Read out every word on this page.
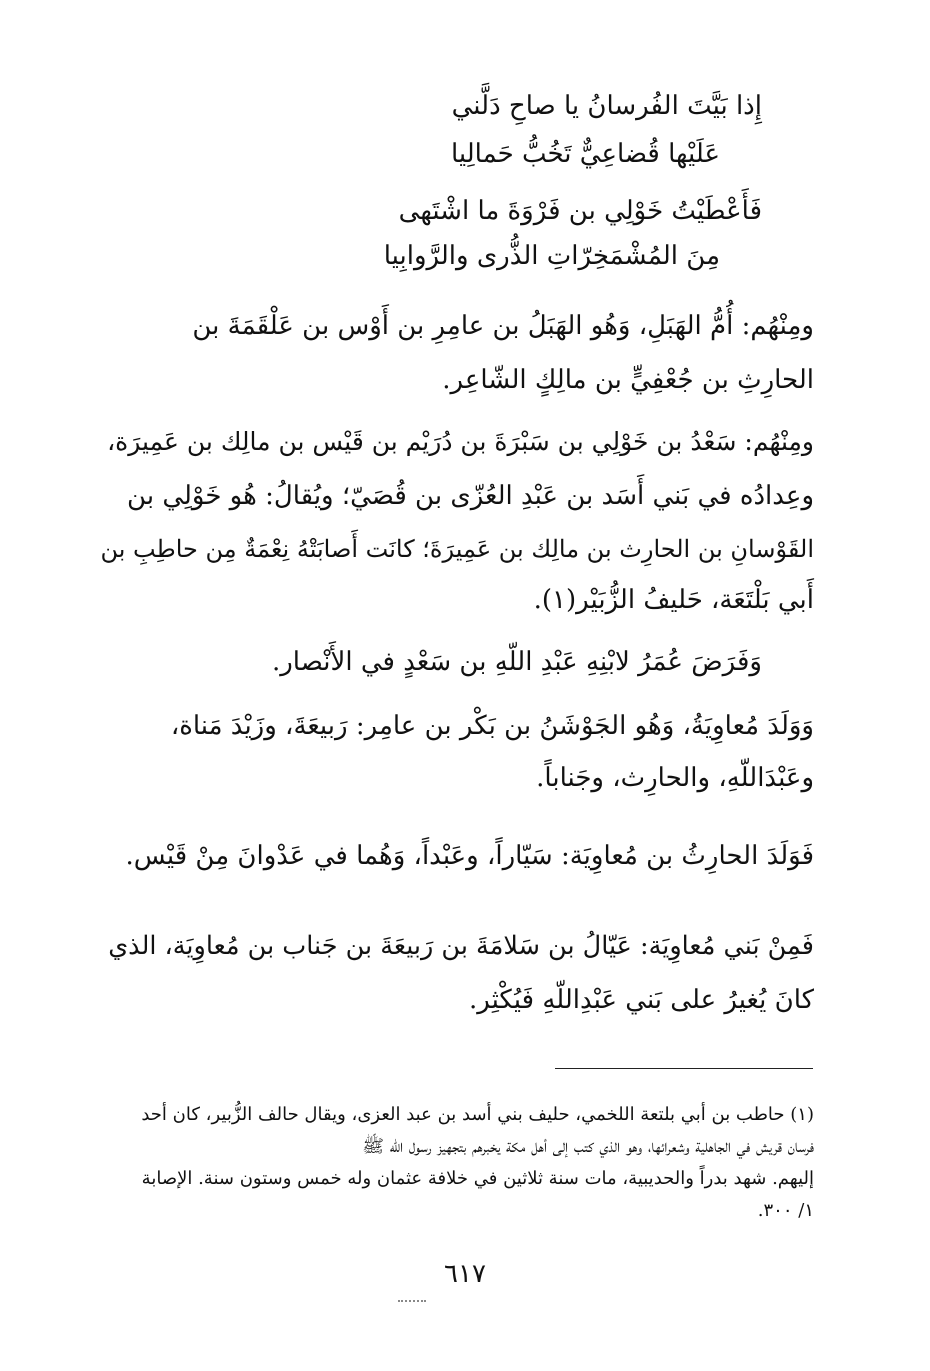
إِذا بَيَّتَ الفُرسانُ يا صاحِ دَلَّني
عَلَيْها قُضاعِيٌّ تَخُبُّ حَمالِيا
فَأَعْطَيْتُ خَوْلِي بن فَرْوَةَ ما اشْتَهى
مِنَ المُشْمَخِرّاتِ الذُّرى والرَّوابِيا
ومِنْهُم: أُمُّ الهَبَلِ، وَهُو الهَبَلُ بن عامِرِ بن أَوْس بن عَلْقَمَةَ بن
الحارِثِ بن جُعْفِيٍّ بن مالِكٍ الشّاعِر.
ومِنْهُم: سَعْدُ بن خَوْلِي بن سَبْرَةَ بن دُرَيْم بن قَيْس بن مالِك بن عَمِيرَة،
وعِدادُه في بَني أَسَد بن عَبْدِ العُزّى بن قُصَيّ؛ ويُقالُ: هُو خَوْلِي بن
القَوْسانِ بن الحارِث بن مالِك بن عَمِيرَةَ؛ كانَت أَصابَتْهُ نِعْمَةٌ مِن حاطِبِ بن
أَبي بَلْتَعَة، حَليفُ الزُّبَيْر(١).
وَفَرَضَ عُمَرُ لابْنِهِ عَبْدِ اللّهِ بن سَعْدٍ في الأَنْصار.
وَوَلَدَ مُعاوِيَةُ، وَهُو الجَوْشَنُ بن بَكْر بن عامِر: رَبيعَةَ، وزَيْدَ مَناة،
وعَبْدَاللّهِ، والحارِث، وجَناباً.
فَوَلَدَ الحارِثُ بن مُعاوِيَة: سَيّاراً، وعَبْداً، وَهُما في عَدْوانَ مِنْ قَيْس.
فَمِنْ بَني مُعاوِيَة: عَيّالُ بن سَلامَةَ بن رَبيعَةَ بن جَناب بن مُعاوِيَة، الذي
كانَ يُغيرُ على بَني عَبْدِاللّهِ فَيُكْثِر.
(١) حاطب بن أبي بلتعة اللخمي، حليف بني أسد بن عبد العزى، ويقال حالف الزُّبير، كان أحد
فرسان قريش في الجاهلية وشعرائها، وهو الذي كتب إلى أهل مكة يخبرهم بتجهيز رسول الله ﷺ
إليهم. شهد بدراً والحديبية، مات سنة ثلاثين في خلافة عثمان وله خمس وستون سنة. الإصابة
١/ ٣٠٠.
٦١٧
